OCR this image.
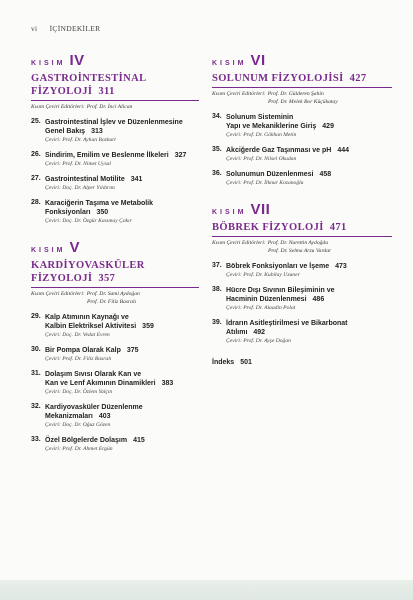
vi İÇİNDEKİLER
KISIM IV
GASTROİNTESTİNAL
FİZYOLOJİ 311
Kısım Çeviri Editörleri: Prof. Dr. İnci Alican
25. Gastrointestinal İşlev ve Düzenlenmesine
Genel Bakış 313
Çeviri: Prof. Dr. Ayhan Bozkurt
26. Sindirim, Emilim ve Beslenme İlkeleri 327
Çeviri: Prof. Dr. Nimet Uysal
27. Gastrointestinal Motilite 341
Çeviri: Doç. Dr. Alper Yıldırım
28. Karaciğerin Taşıma ve Metabolik
Fonksiyonları 350
Çeviri: Doç. Dr. Özgür Kasımay Çakır
KISIM V
KARDİYOVASKÜLER
FİZYOLOJİ 357
Kısım Çeviri Editörleri: Prof. Dr. Sami Aydoğan
Prof. Dr. Filiz Basralı
29. Kalp Atımının Kaynağı ve
Kalbin Elektriksel Aktivitesi 359
Çeviri: Doç. Dr. Vedat Evren
30. Bir Pompa Olarak Kalp 375
Çeviri: Prof. Dr. Filiz Basralı
31. Dolaşım Sıvısı Olarak Kan ve
Kan ve Lenf Akımının Dinamikleri 383
Çeviri: Doç. Dr. Özlem Yalçın
32. Kardiyovasküler Düzenlenme
Mekanizmaları 403
Çeviri: Doç. Dr. Oğuz Gözen
33. Özel Bölgelerde Dolaşım 415
Çeviri: Prof. Dr. Ahmet Ergün
KISIM VI
SOLUNUM FİZYOLOJİSİ 427
Kısım Çeviri Editörleri: Prof. Dr. Gülderen Şahin
Prof. Dr. Melek Bor Küçükatay
34. Solunum Sisteminin
Yapı ve Mekaniklerine Giriş 429
Çeviri: Prof. Dr. Gökhan Metin
35. Akciğerde Gaz Taşınması ve pH 444
Çeviri: Prof. Dr. Nilsel Okudan
36. Solunumun Düzenlenmesi 458
Çeviri: Prof. Dr. İlknur Kozanoğlu
KISIM VII
BÖBREK FİZYOLOJİ 471
Kısım Çeviri Editörleri: Prof. Dr. Nurettin Aydoğdu
Prof. Dr. Selma Arzu Vardar
37. Böbrek Fonksiyonları ve İşeme 473
Çeviri: Prof. Dr. Kubilay Uzuner
38. Hücre Dışı Sıvının Bileşiminin ve
Hacminin Düzenlenmesi 486
Çeviri: Prof. Dr. Alaadin Polat
39. İdrarın Asitleştirilmesi ve Bikarbonat
Atılımı 492
Çeviri: Prof. Dr. Ayşe Doğan
İndeks 501
